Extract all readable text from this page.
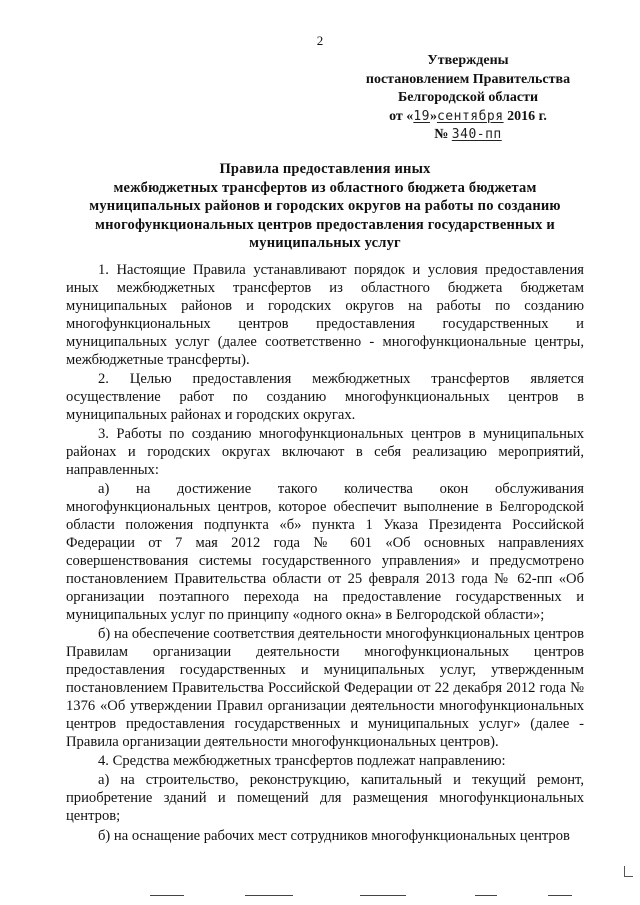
2
Утверждены
постановлением Правительства
Белгородской области
от «19»сентября 2016 г.
№ 340-пп
Правила предоставления иных
межбюджетных трансфертов из областного бюджета бюджетам
муниципальных районов и городских округов на работы по созданию
многофункциональных центров предоставления государственных и
муниципальных услуг

1. Настоящие Правила устанавливают порядок и условия предоставления иных межбюджетных трансфертов из областного бюджета бюджетам муниципальных районов и городских округов на работы по созданию многофункциональных центров предоставления государственных и муниципальных услуг (далее соответственно - многофункциональные центры, межбюджетные трансферты).

2. Целью предоставления межбюджетных трансфертов является осуществление работ по созданию многофункциональных центров в муниципальных районах и городских округах.

3. Работы по созданию многофункциональных центров в муниципальных районах и городских округах включают в себя реализацию мероприятий, направленных:

а) на достижение такого количества окон обслуживания многофункциональных центров, которое обеспечит выполнение в Белгородской области положения подпункта «б» пункта 1 Указа Президента Российской Федерации от 7 мая 2012 года № 601 «Об основных направлениях совершенствования системы государственного управления» и предусмотрено постановлением Правительства области от 25 февраля 2013 года № 62-пп «Об организации поэтапного перехода на предоставление государственных и муниципальных услуг по принципу «одного окна» в Белгородской области»;

б) на обеспечение соответствия деятельности многофункциональных центров Правилам организации деятельности многофункциональных центров предоставления государственных и муниципальных услуг, утвержденным постановлением Правительства Российской Федерации от 22 декабря 2012 года № 1376 «Об утверждении Правил организации деятельности многофункциональных центров предоставления государственных и муниципальных услуг» (далее - Правила организации деятельности многофункциональных центров).

4. Средства межбюджетных трансфертов подлежат направлению:

а) на строительство, реконструкцию, капитальный и текущий ремонт, приобретение зданий и помещений для размещения многофункциональных центров;

б) на оснащение рабочих мест сотрудников многофункциональных центров
